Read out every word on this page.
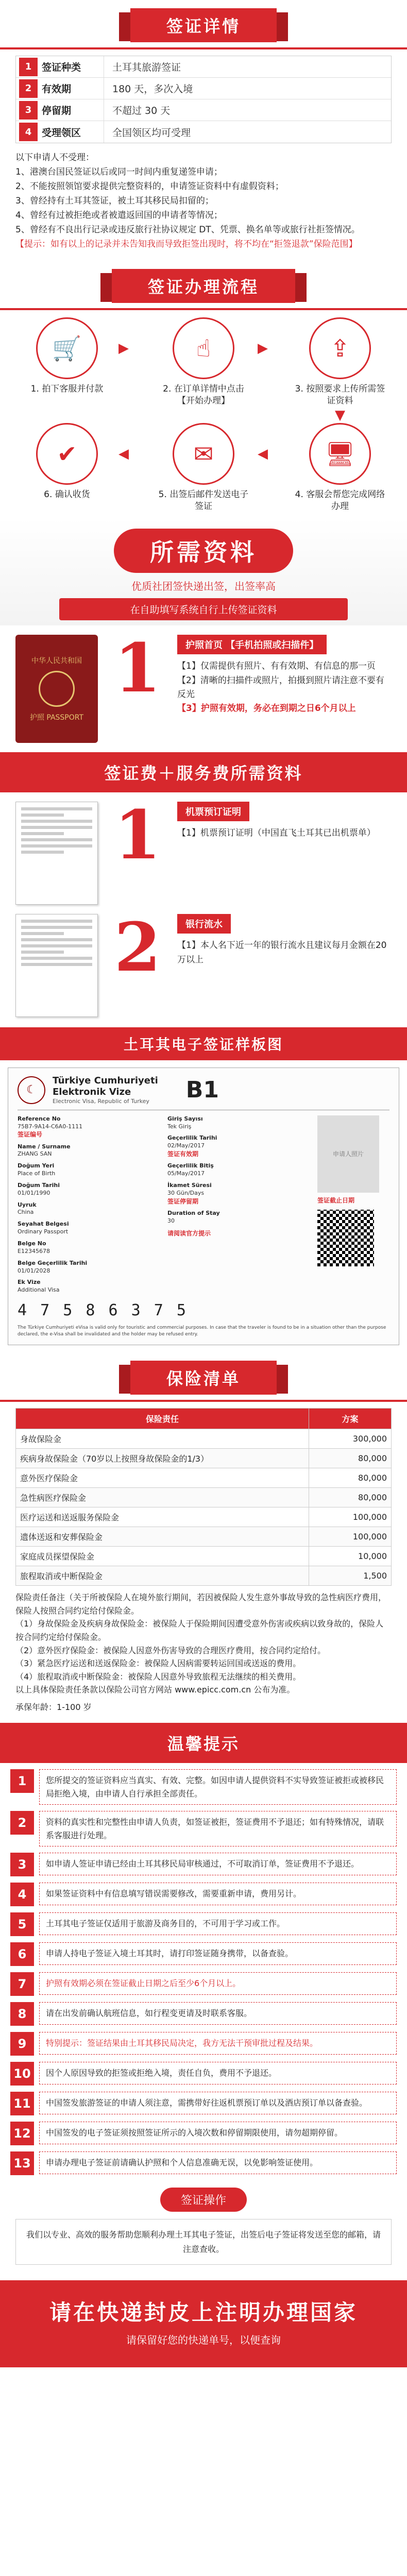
签证详情
1	签证种类	土耳其旅游签证
2	有效期	180 天，多次入境
3	停留期	不超过 30 天
4	受理领区	全国领区均可受理

以下申请人不受理：

1、港澳台国民签证以后或同一时间内重复递签申请；

2、不能按照领馆要求提供完整资料的，申请签证资料中有虚假资料；

3、曾经持有土耳其签证，被土耳其移民局扣留的；

4、曾经有过被拒绝或者被遣返回国的申请者等情况；

5、曾经有不良出行记录或违反旅行社协议规定 DT、凭票、换名单等或旅行社拒签情况。

【提示：如有以上的记录并未告知我而导致拒签出现时，将不均在“拒签退款”保险范围】

签证办理流程
🛒
1. 拍下客服并付款
▶	☝
2. 在订单详情中点击【开始办理】
▶	⇪
3. 按照要求上传所需签证资料
▼
🖥
4. 客服会帮您完成网络办理
◀
✉
5. 出签后邮件发送电子签证
◀
✔
6. 确认收货
所需资料
优质社团签快递出签，出签率高
在自助填写系统自行上传签证资料
中华人民共和国
护照 PASSPORT
1	护照首页 【手机拍照或扫描件】

【1】仅需提供有照片、有有效期、有信息的那一页

【2】清晰的扫描件或照片，拍摄到照片请注意不要有反光

【3】护照有效期，务必在到期之日6个月以上

签证费＋服务费所需资料
1	机票预订证明

【1】机票预订证明（中国直飞土耳其已出机票单）

2	银行流水

【1】本人名下近一年的银行流水且建议每月金额在20万以上

土耳其电子签证样板图
☾
Türkiye Cumhuriyeti
Elektronik Vize
Electronic Visa, Republic of Turkey	B1
Reference No
75B7-9A14-C6A0-1111
签证编号
Name / Surname
ZHANG SAN
Doğum Yeri
Place of Birth
Doğum Tarihi
01/01/1990
Uyruk
China
Seyahat Belgesi
Ordinary Passport
Belge No
E12345678
Belge Geçerlilik Tarihi
01/01/2028
Ek Vize
Additional Visa
Giriş Sayısı
Tek Giriş
Geçerlilik Tarihi
02/May/2017
签证有效期
Geçerlilik Bitiş
05/May/2017
İkamet Süresi
30 Gün/Days
签证停留期
Duration of Stay
30
请阅读官方提示
申请人照片
签证截止日期
4 7 5 8 6 3 7 5
The Türkiye Cumhuriyeti eVisa is valid only for touristic and commercial purposes. In case that the traveler is found to be in a situation other than the purpose declared, the e-Visa shall be invalidated and the holder may be refused entry.
保险清单
保险责任	方案
身故保险金	300,000
疾病身故保险金（70岁以上按照身故保险金的1/3）	80,000
意外医疗保险金	80,000
急性病医疗保险金	80,000
医疗运送和送返服务保险金	100,000
遗体送返和安葬保险金	100,000
家庭成员探望保险金	10,000
旅程取消或中断保险金	1,500

保险责任备注（关于所被保险人在境外旅行期间，若因被保险人发生意外事故导致的急性病医疗费用，保险人按照合同约定给付保险金。

（1）身故保险金及疾病身故保险金：被保险人于保险期间因遭受意外伤害或疾病以致身故的，保险人按合同约定给付保险金。

（2）意外医疗保险金：被保险人因意外伤害导致的合理医疗费用，按合同约定给付。

（3）紧急医疗运送和送返保险金：被保险人因病需要转运回国或送返的费用。

（4）旅程取消或中断保险金：被保险人因意外导致旅程无法继续的相关费用。

以上具体保险责任条款以保险公司官方网站 www.epicc.com.cn 公布为准。

承保年龄：1-100 岁
温馨提示
1	您所提交的签证资料应当真实、有效、完整。如因申请人提供资料不实导致签证被拒或被移民局拒绝入境，由申请人自行承担全部责任。
2	资料的真实性和完整性由申请人负责，如签证被拒，签证费用不予退还；如有特殊情况，请联系客服进行处理。
3	如申请人签证申请已经由土耳其移民局审核通过，不可取消订单，签证费用不予退还。
4	如果签证资料中有信息填写错误需要修改，需要重新申请，费用另计。
5	土耳其电子签证仅适用于旅游及商务目的，不可用于学习或工作。
6	申请人持电子签证入境土耳其时，请打印签证随身携带，以备查验。
7	护照有效期必须在签证截止日期之后至少6个月以上。
8	请在出发前确认航班信息，如行程变更请及时联系客服。
9	特别提示：签证结果由土耳其移民局决定，我方无法干预审批过程及结果。
10	因个人原因导致的拒签或拒绝入境，责任自负，费用不予退还。
11	中国签发旅游签证的申请人须注意，需携带好往返机票预订单以及酒店预订单以备查验。
12	中国签发的电子签证须按照签证所示的入境次数和停留期限使用，请勿超期停留。
13	申请办理电子签证前请确认护照和个人信息准确无误，以免影响签证使用。
签证操作
我们以专业、高效的服务帮助您顺利办理土耳其电子签证，出签后电子签证将发送至您的邮箱，请注意查收。
请在快递封皮上注明办理国家
请保留好您的快递单号，以便查询
